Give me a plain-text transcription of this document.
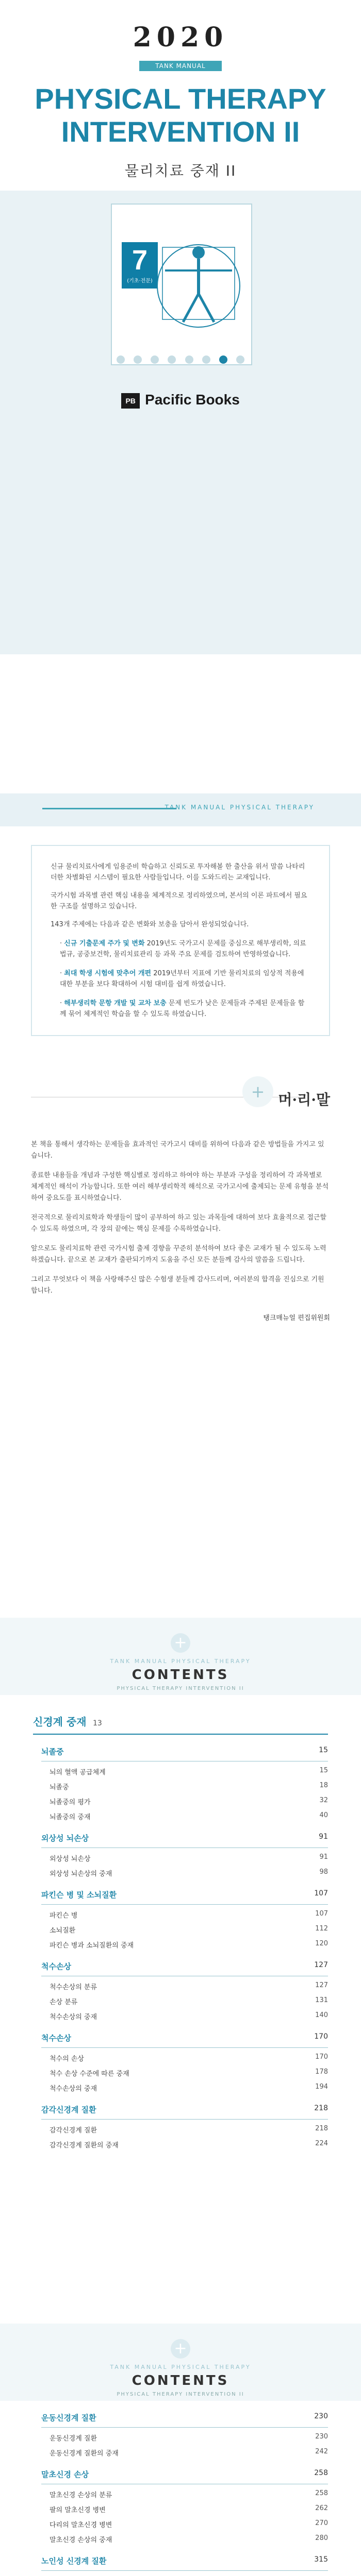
2020
TANK MANUAL PHYSICAL THERAPY
PHYSICAL THERAPY
INTERVENTION II
물리치료 중재 II
7
(기초·전문)

PB Pacific Books
TANK MANUAL PHYSICAL THERAPY

신규 물리치료사에게 임용준비 학습하고 신뢰도로 투자해볼 한 출산을 위서 말씀 나타리더한 차별화된 시스템이 필요한 사람들입니다. 이를 도와드리는 교재입니다.

국가시험 과목별 관련 핵심 내용을 체계적으로 정리하였으며, 본서의 이론 파트에서 필요한 구조를 설명하고 있습니다.

143개 주제에는 다음과 같은 변화와 보충을 담아서 완성되었습니다.

· 신규 기출문제 주가 및 변화 2019년도 국가고시 문제를 중심으로 해부생리학, 의료법규, 공중보건학, 물리치료관리 등 과목 주요 문제를 검토하여 반영하였습니다.
· 최대 학생 시험에 맞추어 개편 2019년부터 지표에 기반 물리치료의 임상적 적용에 대한 부분을 보다 확대하여 시험 대비를 쉽게 하였습니다.
· 해부생리학 문항 개발 및 교차 보충 문제 빈도가 낮은 문제들과 주제된 문제들을 함께 묶어 체계적인 학습을 할 수 있도록 하였습니다.
+ 머·리·말

본 책을 통해서 생각하는 문제들을 효과적인 국가고시 대비를 위하여 다음과 같은 방법들을 가지고 있습니다.

종료한 내용들을 개념과 구성한 핵심별로 정리하고 하여야 하는 부분과 구성을 정리하여 각 과목별로 체계적인 해석이 가능합니다. 또한 여러 해부생리학적 해석으로 국가고시에 출제되는 문제 유형을 분석하여 중요도를 표시하였습니다.

전국적으로 물리치료학과 학생들이 많이 공부하여 하고 있는 과목들에 대하여 보다 효율적으로 접근할 수 있도록 하였으며, 각 장의 끝에는 핵심 문제를 수록하였습니다.

앞으로도 물리치료학 관련 국가시험 출제 경향을 꾸준히 분석하여 보다 좋은 교재가 될 수 있도록 노력하겠습니다. 끝으로 본 교재가 출판되기까지 도움을 주신 모든 분들께 감사의 말씀을 드립니다.

그리고 무엇보다 이 책을 사랑해주신 많은 수험생 분들께 감사드리며, 여러분의 합격을 진심으로 기원합니다.

탱크매뉴얼 편집위원회
+
TANK MANUAL PHYSICAL THERAPY
CONTENTS
PHYSICAL THERAPY INTERVENTION II
신경계 중재 13
뇌졸중	15
뇌의 혈액 공급체계	15
뇌졸중	18
뇌졸중의 평가	32
뇌졸중의 중재	40
외상성 뇌손상	91
외상성 뇌손상	91
외상성 뇌손상의 중재	98
파킨슨 병 및 소뇌질환	107
파킨슨 병	107
소뇌질환	112
파킨슨 병과 소뇌질환의 중재	120
척수손상	127
척수손상의 분류	127
손상 분류	131
척수손상의 중재	140
척수손상	170
척수의 손상	170
척수 손상 수준에 따른 중재	178
척수손상의 중재	194
감각신경계 질환	218
감각신경계 질환	218
감각신경계 질환의 중재	224
+
TANK MANUAL PHYSICAL THERAPY
CONTENTS
PHYSICAL THERAPY INTERVENTION II
운동신경계 질환	230
운동신경계 질환	230
운동신경계 질환의 중재	242
말초신경 손상	258
말초신경 손상의 분류	258
팔의 말초신경 병변	262
다리의 말초신경 병변	270
말초신경 손상의 중재	280
노인성 신경계 질환	315
